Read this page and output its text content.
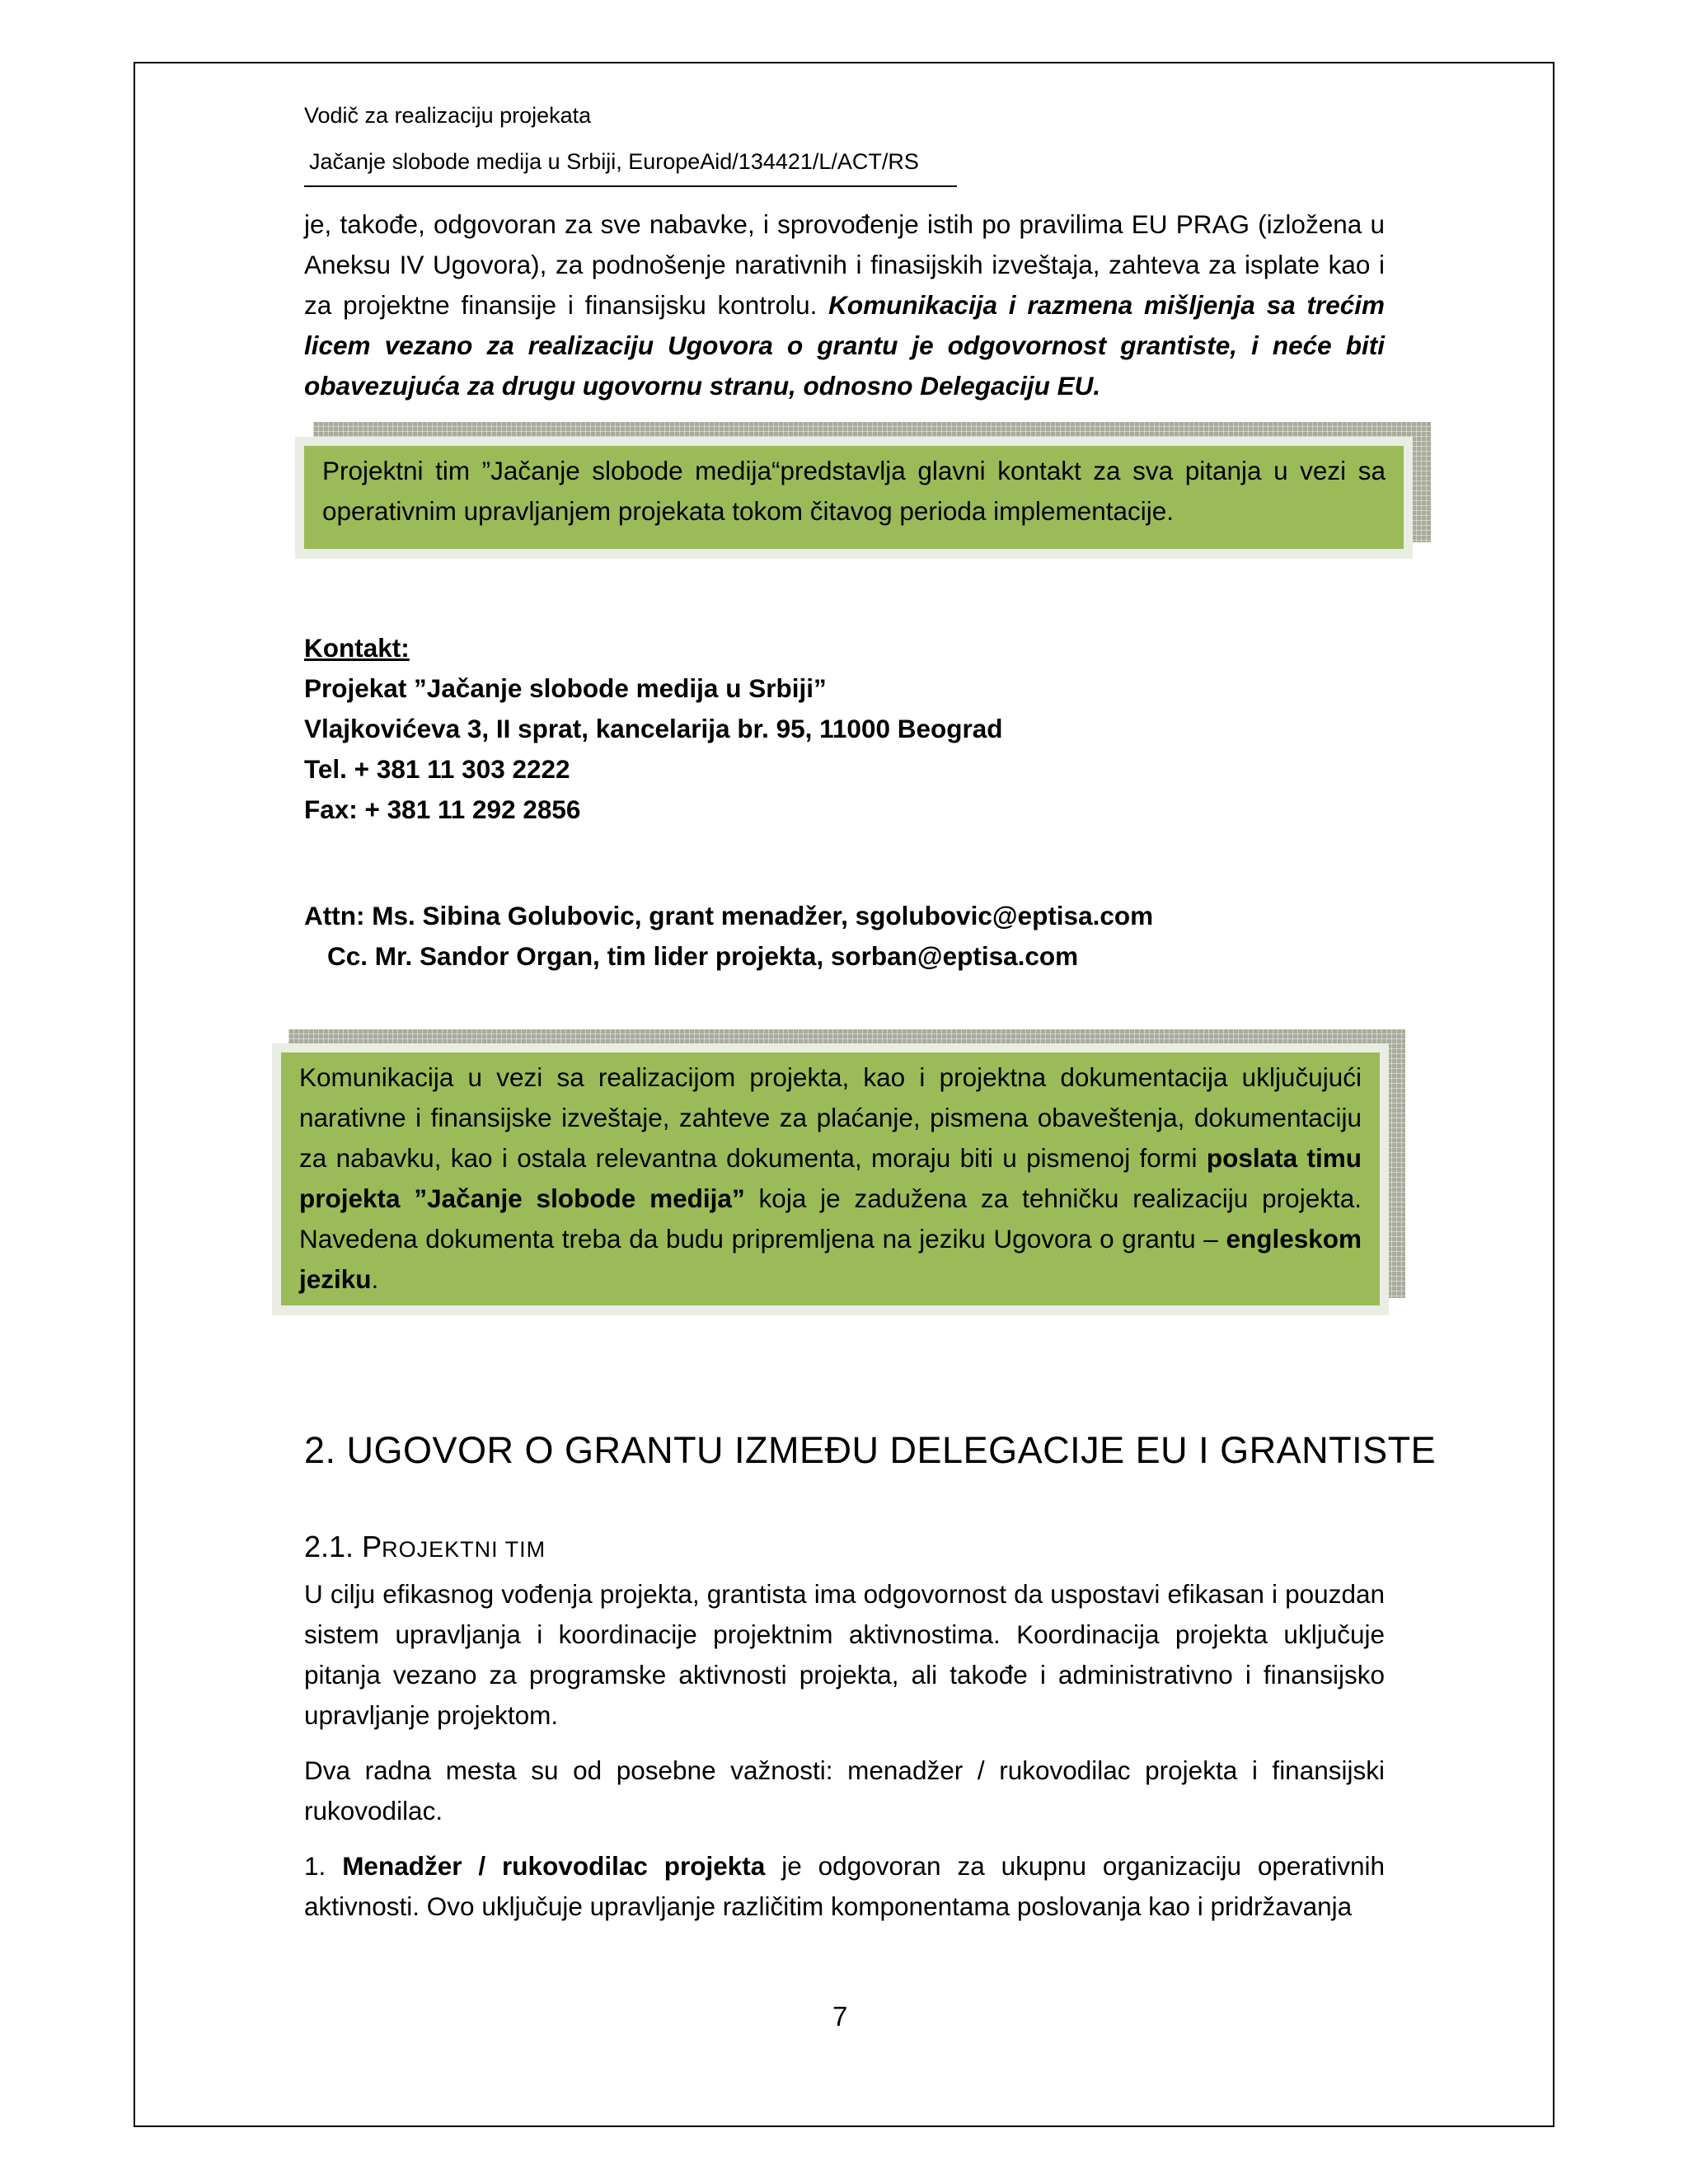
Vodič za realizaciju projekata
Jačanje slobode medija u Srbiji, EuropeAid/134421/L/ACT/RS

je, takođe, odgovoran za sve nabavke, i sprovođenje istih po pravilima EU PRAG (izložena u Aneksu IV Ugovora), za podnošenje narativnih i finasijskih izveštaja, zahteva za isplate kao i za projektne finansije i finansijsku kontrolu. Komunikacija i razmena mišljenja sa trećim licem vezano za realizaciju Ugovora o grantu je odgovornost grantiste, i neće biti obavezujuća za drugu ugovornu stranu, odnosno Delegaciju EU.

Projektni tim ”Jačanje slobode medija“predstavlja glavni kontakt za sva pitanja u vezi sa operativnim upravljanjem projekata tokom čitavog perioda implementacije.
Kontakt:
Projekat ”Jačanje slobode medija u Srbiji”
Vlajkovićeva 3, II sprat, kancelarija br. 95, 11000 Beograd
Tel. + 381 11 303 2222
Fax: + 381 11 292 2856
Attn: Ms. Sibina Golubovic, grant menadžer, sgolubovic@eptisa.com
Cc. Mr. Sandor Organ, tim lider projekta, sorban@eptisa.com
Komunikacija u vezi sa realizacijom projekta, kao i projektna dokumentacija uključujući narativne i finansijske izveštaje, zahteve za plaćanje, pismena obaveštenja, dokumentaciju za nabavku, kao i ostala relevantna dokumenta, moraju biti u pismenoj formi poslata timu projekta ”Jačanje slobode medija” koja je zadužena za tehničku realizaciju projekta. Navedena dokumenta treba da budu pripremljena na jeziku Ugovora o grantu – engleskom jeziku.
2. UGOVOR O GRANTU IZMEĐU DELEGACIJE EU I GRANTISTE
2.1. PROJEKTNI TIM

U cilju efikasnog vođenja projekta, grantista ima odgovornost da uspostavi efikasan i pouzdan sistem upravljanja i koordinacije projektnim aktivnostima. Koordinacija projekta uključuje pitanja vezano za programske aktivnosti projekta, ali takođe i administrativno i finansijsko upravljanje projektom.

Dva radna mesta su od posebne važnosti: menadžer / rukovodilac projekta i finansijski rukovodilac.

1. Menadžer / rukovodilac projekta je odgovoran za ukupnu organizaciju operativnih aktivnosti. Ovo uključuje upravljanje različitim komponentama poslovanja kao i pridržavanja

7
